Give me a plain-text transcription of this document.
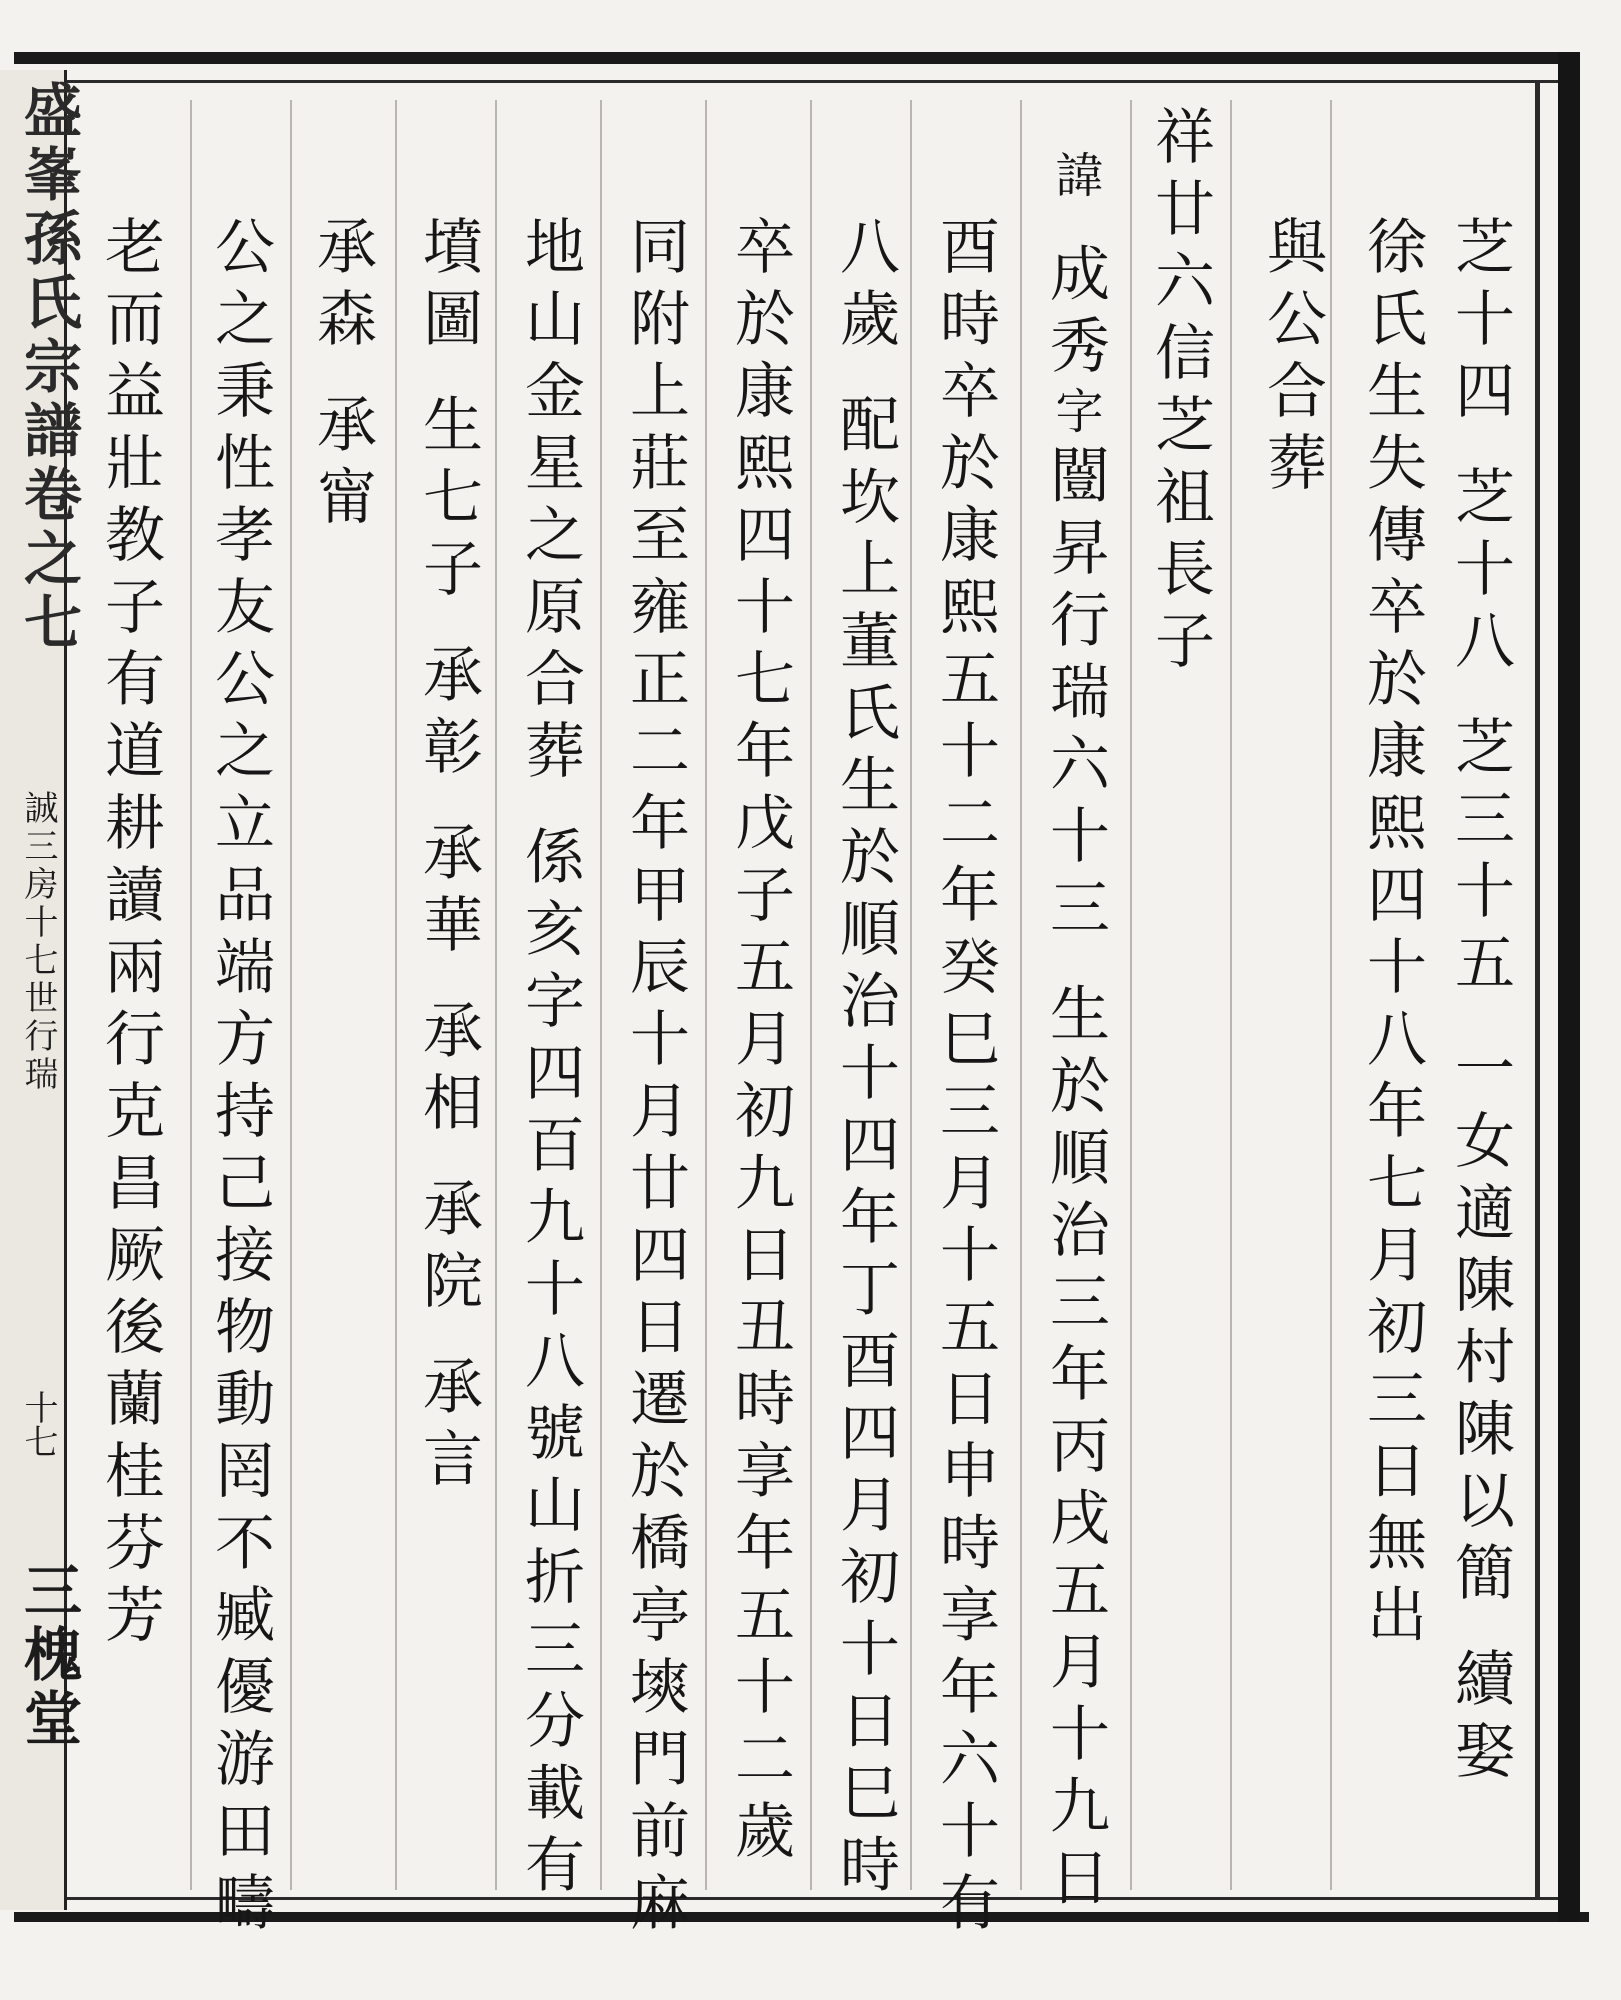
芝十四芝十八芝三十五一女適陳村陳以簡續娶
徐氏生失傳卒於康熙四十八年七月初三日無出
與公合葬
祥廿六信芝祖長子
諱成秀字闓昇行瑞六十三生於順治三年丙戌五月十九日
酉時卒於康熙五十二年癸巳三月十五日申時享年六十有
八歲配坎上董氏生於順治十四年丁酉四月初十日巳時
卒於康熙四十七年戊子五月初九日丑時享年五十二歲
同附上莊至雍正二年甲辰十月廿四日遷於橋亭塽門前麻
地山金星之原合葬係亥字四百九十八號山折三分載有
墳圖生七子承彰承華承相承院承言
承森承甯
公之秉性孝友公之立品端方持己接物動罔不臧優游田疇
老而益壯教子有道耕讀兩行克昌厥後蘭桂芬芳
盛峯孫氏宗譜卷之七
誠三房十七世行瑞
十七
三槐堂
